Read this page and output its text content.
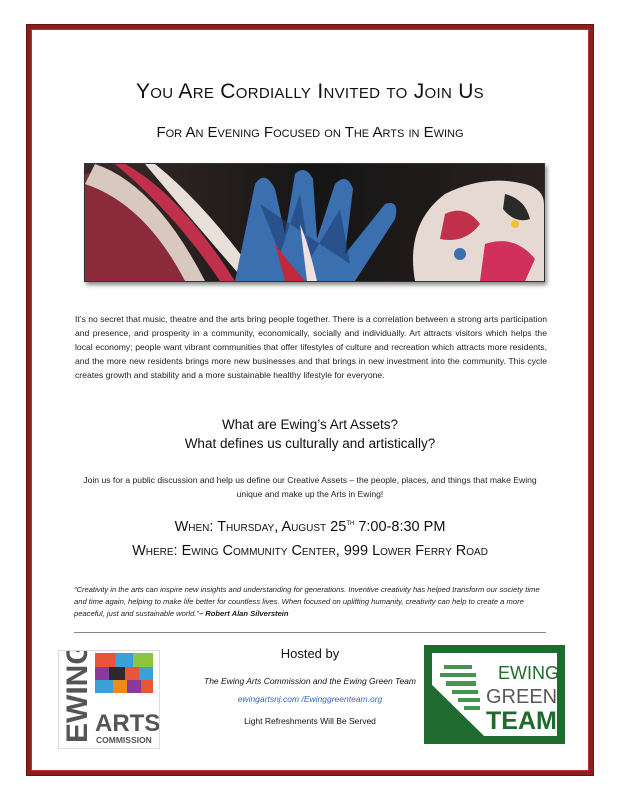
You Are Cordially Invited to Join Us
For An Evening Focused on The Arts in Ewing
It’s no secret that music, theatre and the arts bring people together. There is a correlation between a strong arts participation and presence, and prosperity in a community, economically, socially and individually. Art attracts visitors which helps the local economy; people want vibrant communities that offer lifestyles of culture and recreation which attracts more residents, and the more new residents brings more new businesses and that brings in new investment into the community. This cycle creates growth and stability and a more sustainable healthy lifestyle for everyone.
What are Ewing’s Art Assets?
What defines us culturally and artistically?
Join us for a public discussion and help us define our Creative Assets – the people, places, and things that make Ewing unique and make up the Arts in Ewing!
When: Thursday, August 25th 7:00-8:30 PM
Where: Ewing Community Center, 999 Lower Ferry Road
“Creativity in the arts can inspire new insights and understanding for generations. Inventive creativity has helped transform our society time and time again, helping to make life better for countless lives. When focused on uplifting humanity, creativity can help to create a more peaceful, just and sustainable world.”– Robert Alan Silverstein
EWING ARTS
COMMISSION
Hosted by
The Ewing Arts Commission and the Ewing Green Team
ewingartsnj.com /Ewinggreenteam.org
Light Refreshments Will Be Served
EWING
GREEN
TEAM
